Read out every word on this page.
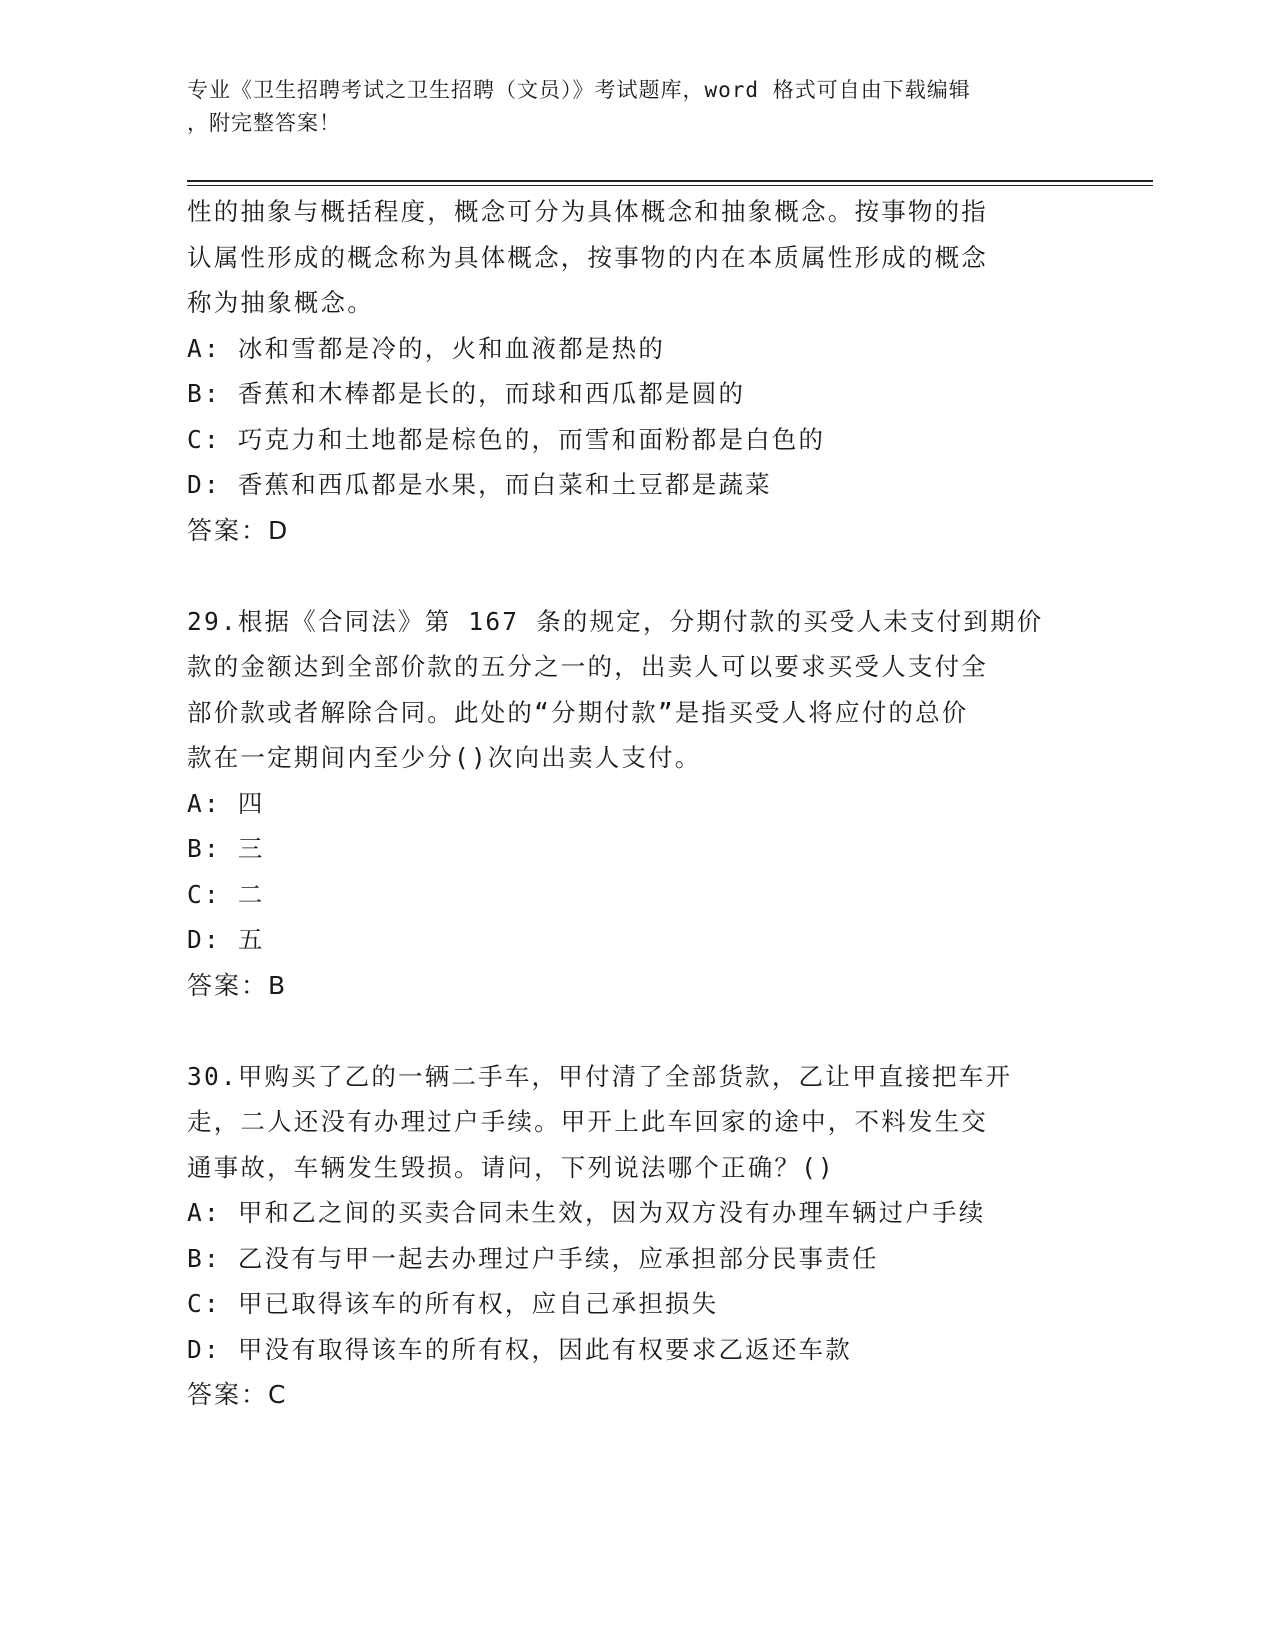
专业《卫生招聘考试之卫生招聘（文员）》考试题库，word 格式可自由下载编辑
，附完整答案！
性的抽象与概括程度，概念可分为具体概念和抽象概念。按事物的指
认属性形成的概念称为具体概念，按事物的内在本质属性形成的概念
称为抽象概念。
A: 冰和雪都是冷的，火和血液都是热的
B: 香蕉和木棒都是长的，而球和西瓜都是圆的
C: 巧克力和土地都是棕色的，而雪和面粉都是白色的
D: 香蕉和西瓜都是水果，而白菜和土豆都是蔬菜
答案：D
29.根据《合同法》第 167 条的规定，分期付款的买受人未支付到期价
款的金额达到全部价款的五分之一的，出卖人可以要求买受人支付全
部价款或者解除合同。此处的“分期付款”是指买受人将应付的总价
款在一定期间内至少分()次向出卖人支付。
A: 四
B: 三
C: 二
D: 五
答案：B
30.甲购买了乙的一辆二手车，甲付清了全部货款，乙让甲直接把车开
走，二人还没有办理过户手续。甲开上此车回家的途中，不料发生交
通事故，车辆发生毁损。请问，下列说法哪个正确？()
A: 甲和乙之间的买卖合同未生效，因为双方没有办理车辆过户手续
B: 乙没有与甲一起去办理过户手续，应承担部分民事责任
C: 甲已取得该车的所有权，应自己承担损失
D: 甲没有取得该车的所有权，因此有权要求乙返还车款
答案：C
